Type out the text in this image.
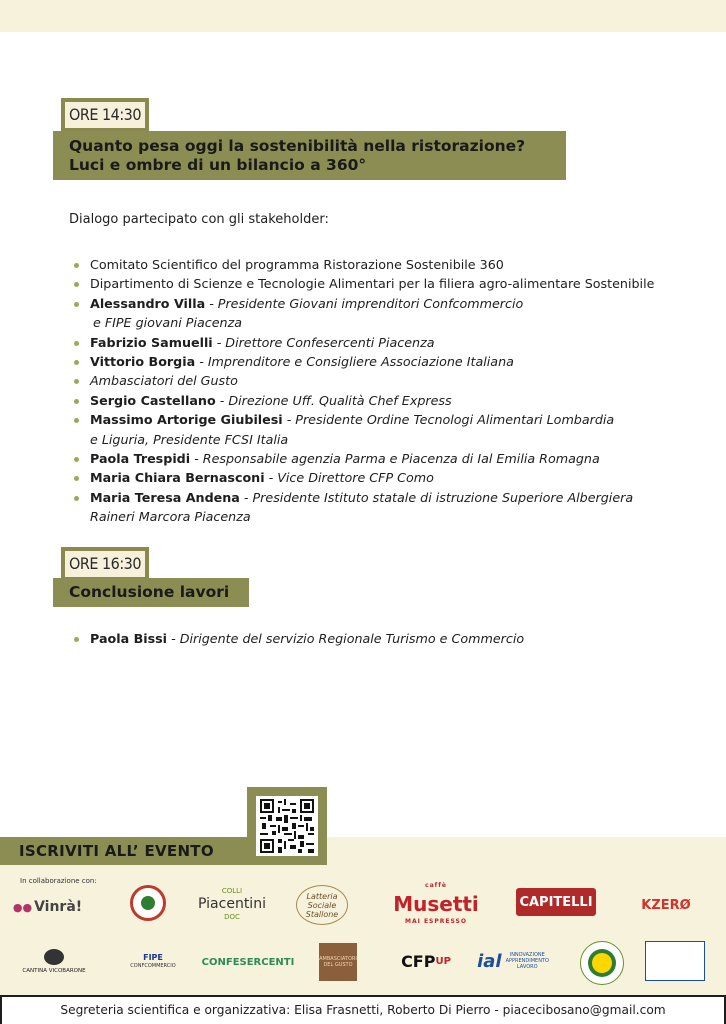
ORE 14:30
Quanto pesa oggi la sostenibilità nella ristorazione?
Luci e ombre di un bilancio a 360°
Dialogo partecipato con gli stakeholder:
Comitato Scientifico del programma Ristorazione Sostenibile 360
Dipartimento di Scienze e Tecnologie Alimentari per la filiera agro-alimentare Sostenibile
Alessandro Villa - Presidente Giovani imprenditori Confcommercio
e FIPE giovani Piacenza
Fabrizio Samuelli - Direttore Confesercenti Piacenza
Vittorio Borgia - Imprenditore e Consigliere Associazione Italiana
Ambasciatori del Gusto
Sergio Castellano - Direzione Uff. Qualità Chef Express
Massimo Artorige Giubilesi - Presidente Ordine Tecnologi Alimentari Lombardia
e Liguria, Presidente FCSI Italia
Paola Trespidi - Responsabile agenzia Parma e Piacenza di Ial Emilia Romagna
Maria Chiara Bernasconi - Vice Direttore CFP Como
Maria Teresa Andena - Presidente Istituto statale di istruzione Superiore Albergiera
Raineri Marcora Piacenza
ORE 16:30
Conclusione lavori
Paola Bissi - Dirigente del servizio Regionale Turismo e Commercio
ISCRIVITI ALL’ EVENTO
In collaborazione con:
●● Vinrà!
COLLI
Piacentini
DOC
Latteria Sociale Stallone
caffè
Musetti
MAI ESPRESSO
CAPITELLI	KZERØ
CANTINA VICOBARONE
FIPE
CONFCOMMERCIO	CONFESERCENTI	AMBASCIATORI DEL GUSTO	CFP UP ial	INNOVAZIONE APPRENDIMENTO LAVORO
Segreteria scientifica e organizzativa: Elisa Frasnetti, Roberto Di Pierro - piacecibosano@gmail.com
